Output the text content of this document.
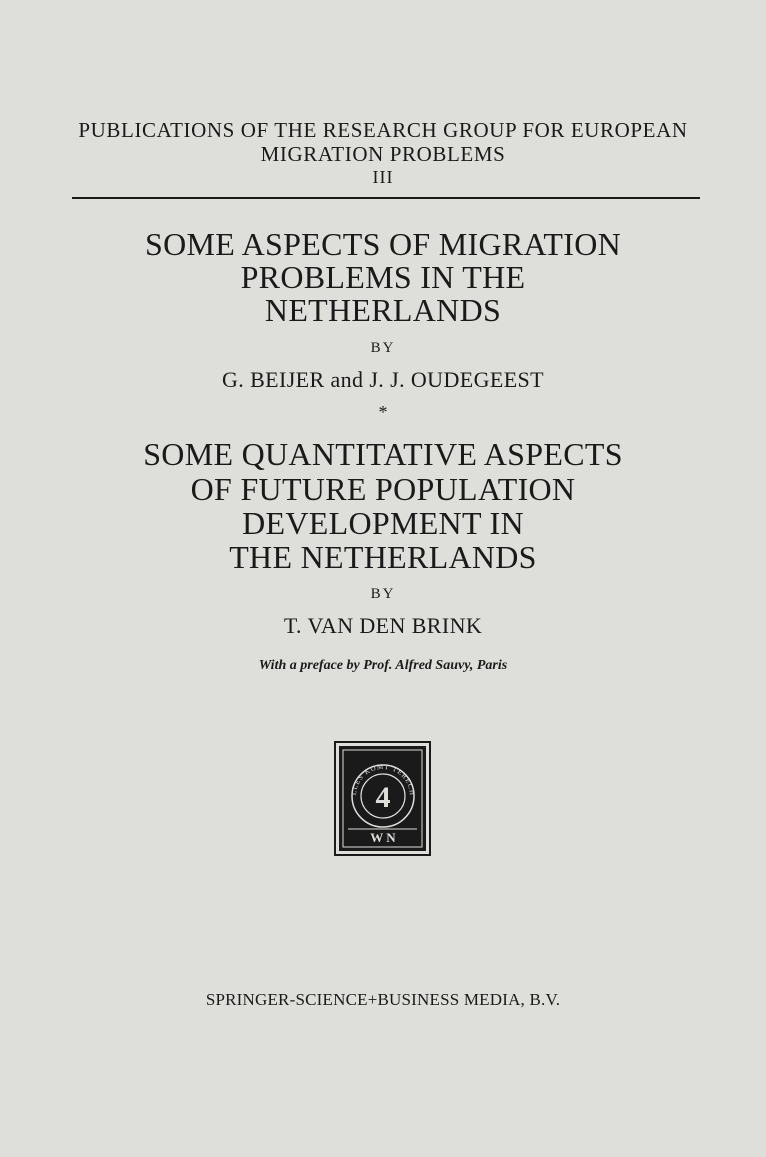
PUBLICATIONS OF THE RESEARCH GROUP FOR EUROPEAN
MIGRATION PROBLEMS
III
SOME ASPECTS OF MIGRATION
PROBLEMS IN THE
NETHERLANDS
BY
G. BEIJER and J. J. OUDEGEEST
*
SOME QUANTITATIVE ASPECTS
OF FUTURE POPULATION
DEVELOPMENT IN
THE NETHERLANDS
BY
T. VAN DEN BRINK
With a preface by Prof. Alfred Sauvy, Paris
LLES KOMT TERECH
4
W N
SPRINGER-SCIENCE+BUSINESS MEDIA, B.V.
